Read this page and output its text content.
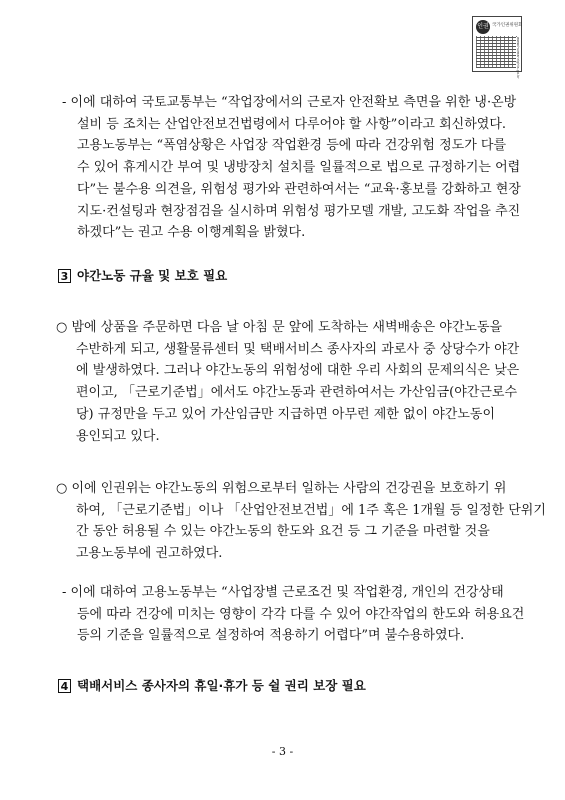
인권 국가인권위원회
www.humanrights.go.kr
- 이에 대하여 국토교통부는 “작업장에서의 근로자 안전확보 측면을 위한 냉·온방
설비 등 조치는 산업안전보건법령에서 다루어야 할 사항”이라고 회신하였다.
고용노동부는 “폭염상황은 사업장 작업환경 등에 따라 건강위험 정도가 다를
수 있어 휴게시간 부여 및 냉방장치 설치를 일률적으로 법으로 규정하기는 어렵
다”는 불수용 의견을, 위험성 평가와 관련하여서는 “교육·홍보를 강화하고 현장
지도·컨설팅과 현장점검을 실시하며 위험성 평가모델 개발, 고도화 작업을 추진
하겠다”는 권고 수용 이행계획을 밝혔다.
3 야간노동 규율 및 보호 필요
○ 밤에 상품을 주문하면 다음 날 아침 문 앞에 도착하는 새벽배송은 야간노동을
수반하게 되고, 생활물류센터 및 택배서비스 종사자의 과로사 중 상당수가 야간
에 발생하였다. 그러나 야간노동의 위험성에 대한 우리 사회의 문제의식은 낮은
편이고, 「근로기준법」에서도 야간노동과 관련하여서는 가산임금(야간근로수
당) 규정만을 두고 있어 가산임금만 지급하면 아무런 제한 없이 야간노동이
용인되고 있다.
○ 이에 인권위는 야간노동의 위험으로부터 일하는 사람의 건강권을 보호하기 위
하여, 「근로기준법」이나 「산업안전보건법」에 1주 혹은 1개월 등 일정한 단위기
간 동안 허용될 수 있는 야간노동의 한도와 요건 등 그 기준을 마련할 것을
고용노동부에 권고하였다.
- 이에 대하여 고용노동부는 “사업장별 근로조건 및 작업환경, 개인의 건강상태
등에 따라 건강에 미치는 영향이 각각 다를 수 있어 야간작업의 한도와 허용요건
등의 기준을 일률적으로 설정하여 적용하기 어렵다”며 불수용하였다.
4 택배서비스 종사자의 휴일·휴가 등 쉴 권리 보장 필요
- 3 -
